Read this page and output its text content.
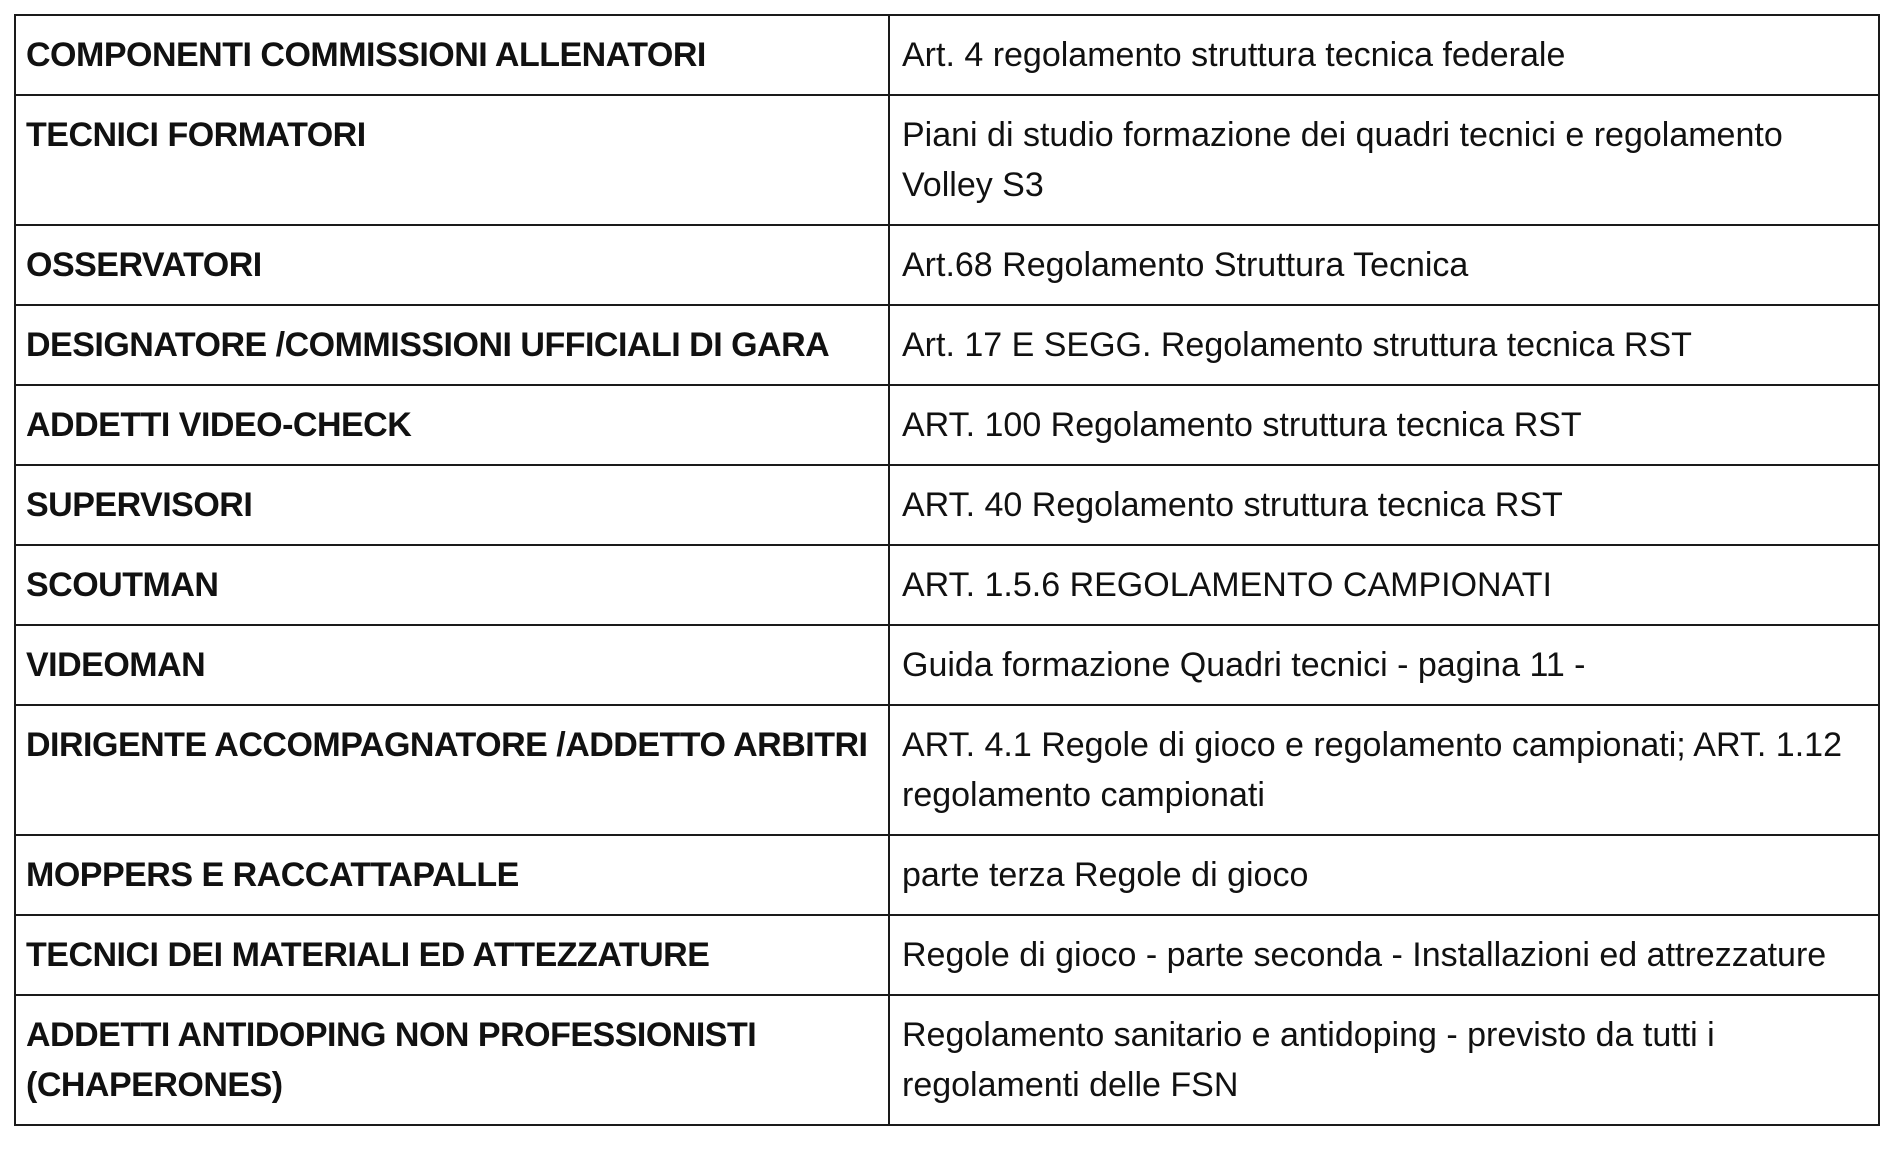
COMPONENTI COMMISSIONI ALLENATORI	Art. 4 regolamento struttura tecnica federale
TECNICI FORMATORI	Piani di studio formazione dei quadri tecnici e regolamento Volley S3
OSSERVATORI	Art.68 Regolamento Struttura Tecnica
DESIGNATORE /COMMISSIONI UFFICIALI DI GARA	Art. 17 E SEGG. Regolamento struttura tecnica RST
ADDETTI VIDEO-CHECK	ART. 100 Regolamento struttura tecnica RST
SUPERVISORI	ART. 40 Regolamento struttura tecnica RST
SCOUTMAN	ART. 1.5.6 REGOLAMENTO CAMPIONATI
VIDEOMAN	Guida formazione Quadri tecnici - pagina 11 -
DIRIGENTE ACCOMPAGNATORE /ADDETTO ARBITRI	ART. 4.1 Regole di gioco e regolamento campionati; ART. 1.12 regolamento campionati
MOPPERS E RACCATTAPALLE	parte terza Regole di gioco
TECNICI DEI MATERIALI ED ATTEZZATURE	Regole di gioco - parte seconda - Installazioni ed attrezzature
ADDETTI ANTIDOPING NON PROFESSIONISTI (CHAPERONES)	Regolamento sanitario e antidoping - previsto da tutti i regolamenti delle FSN
